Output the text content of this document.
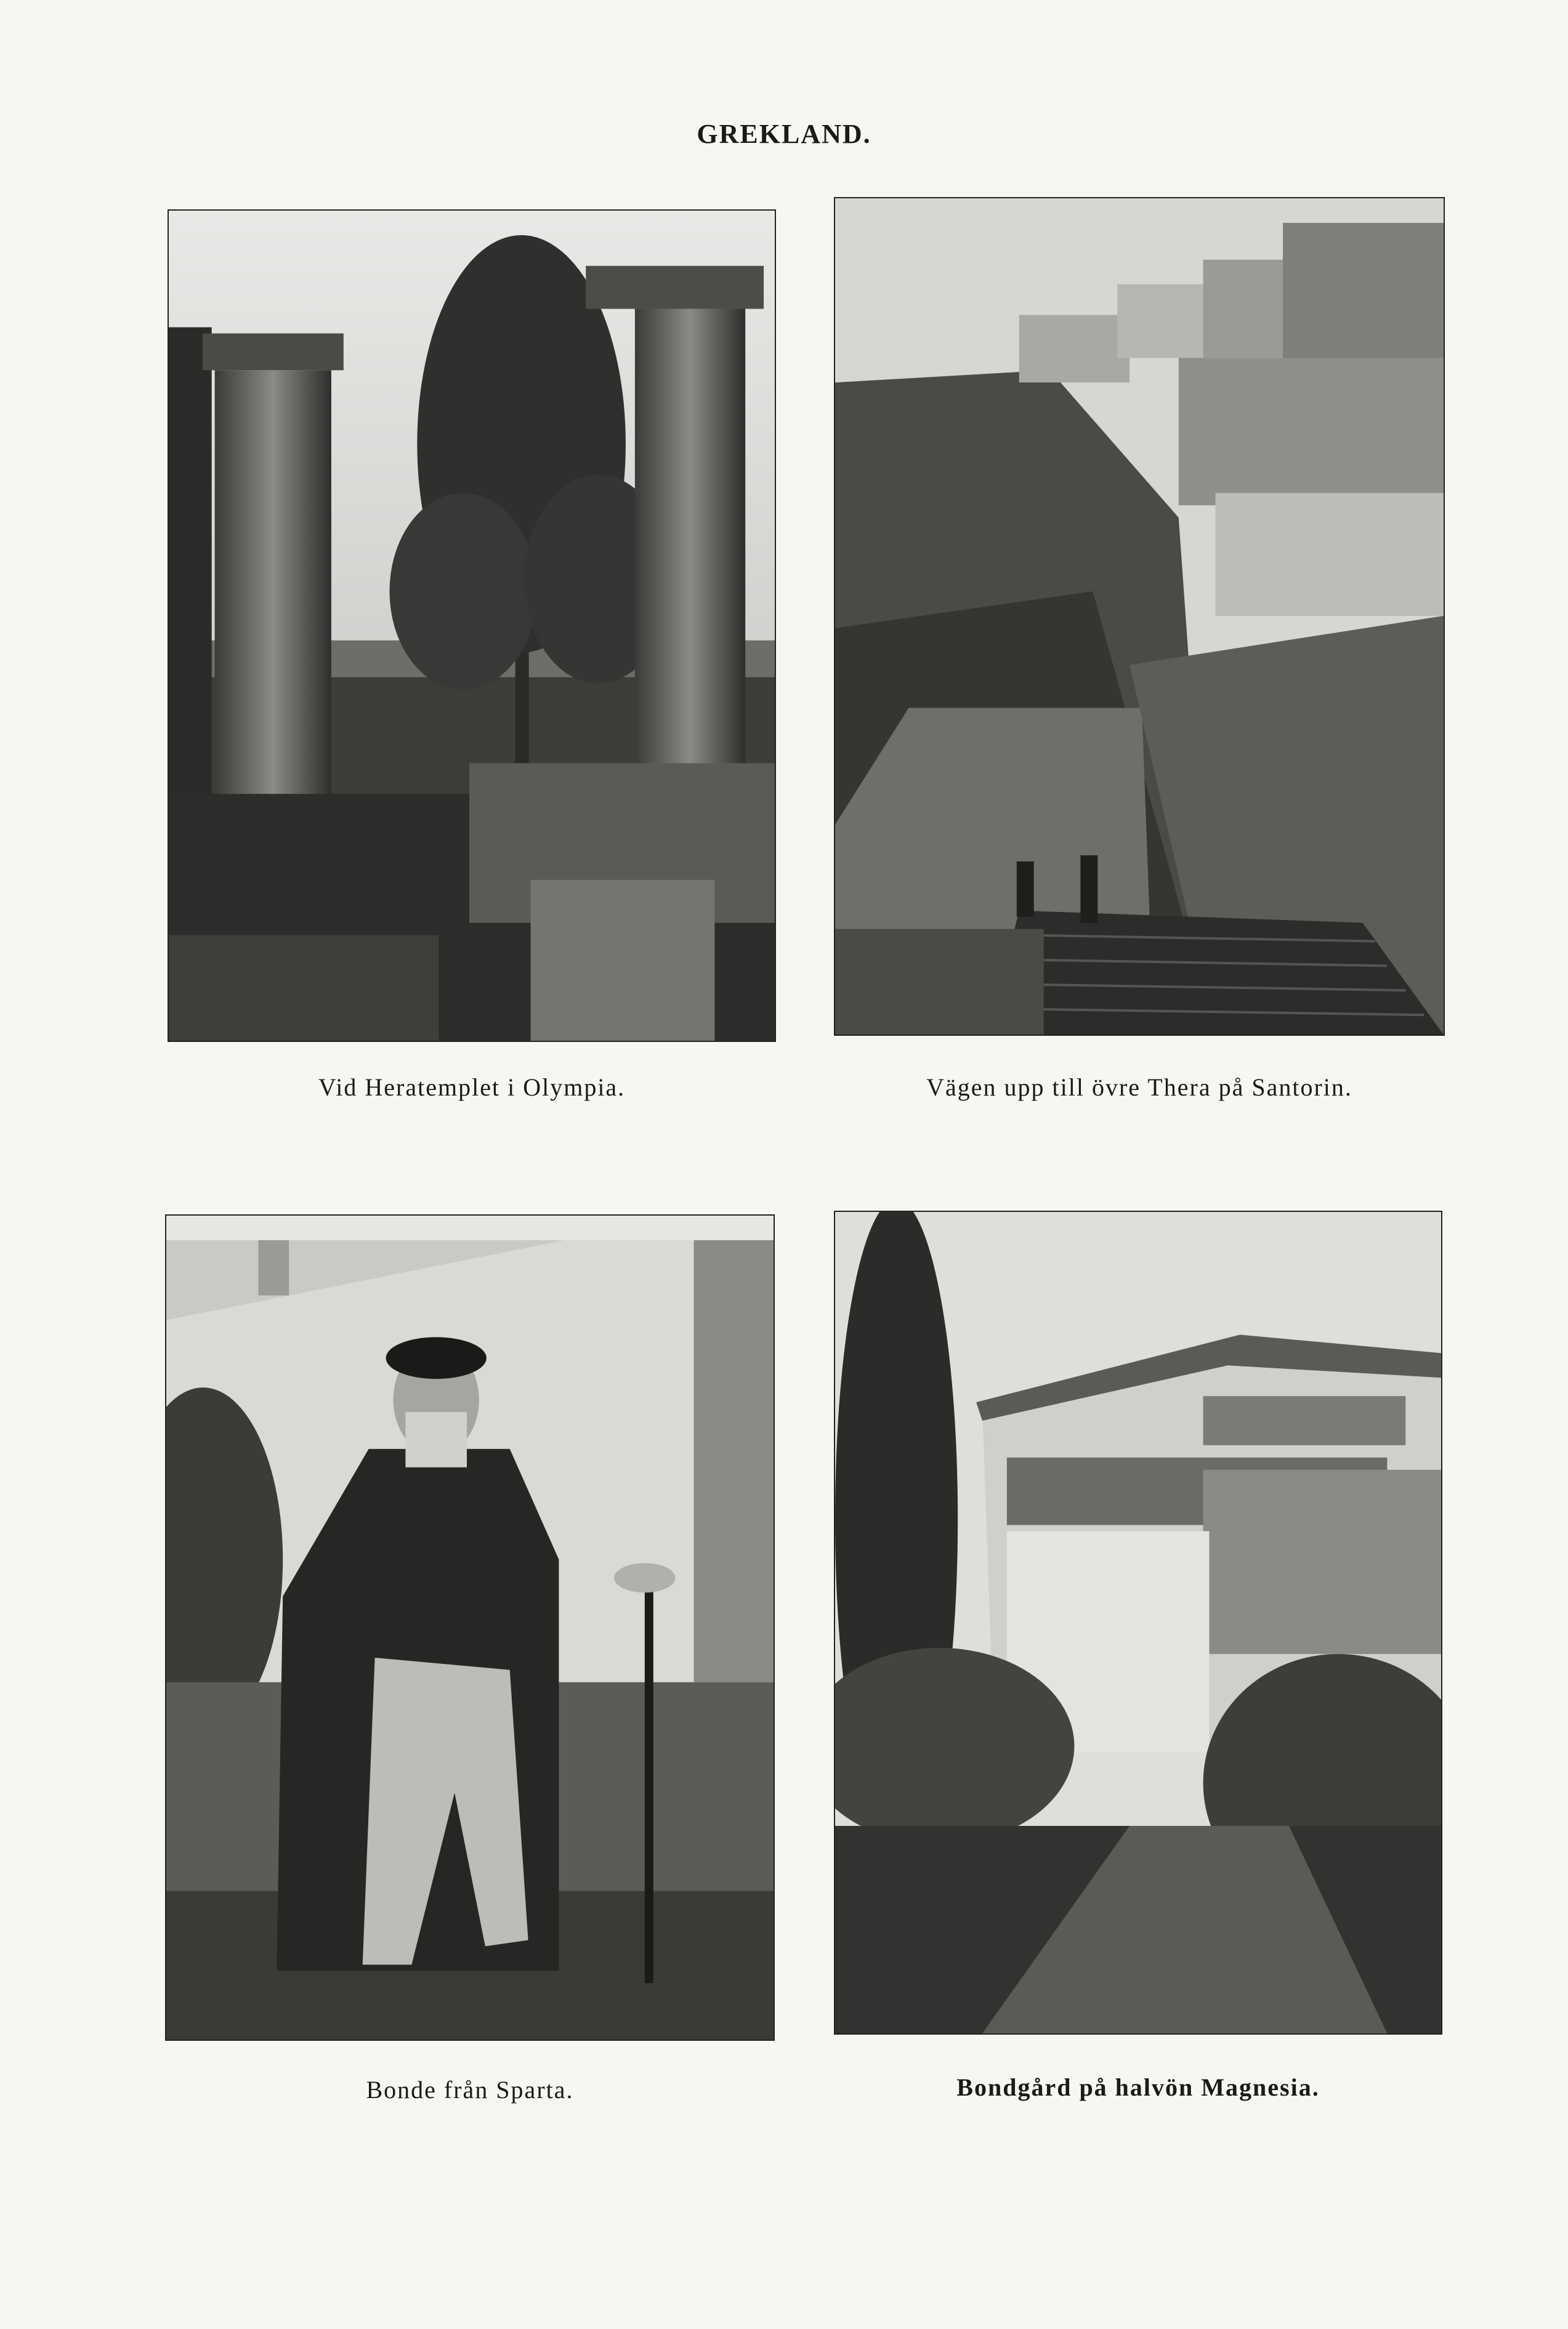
GREKLAND.
Vid Heratemplet i Olympia.	Vägen upp till övre Thera på Santorin.
Bonde från Sparta.	Bondgård på halvön Magnesia.
